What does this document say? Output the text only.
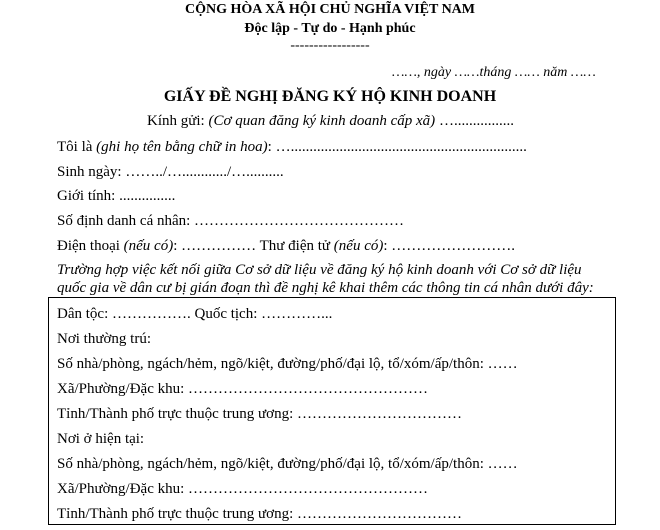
CỘNG HÒA XÃ HỘI CHỦ NGHĨA VIỆT NAM
Độc lập - Tự do - Hạnh phúc
-----------------
……, ngày ……tháng …… năm ……
GIẤY ĐỀ NGHỊ ĐĂNG KÝ HỘ KINH DOANH
Kính gửi: (Cơ quan đăng ký kinh doanh cấp xã) …................
Tôi là (ghi họ tên bằng chữ in hoa): …...............................................................
Sinh ngày: ……../…............/…..........
Giới tính: ...............
Số định danh cá nhân: ……………………………………
Điện thoại (nếu có): …………… Thư điện tử (nếu có): …………………….
Trường hợp việc kết nối giữa Cơ sở dữ liệu về đăng ký hộ kinh doanh với Cơ sở dữ liệu
quốc gia về dân cư bị gián đoạn thì đề nghị kê khai thêm các thông tin cá nhân dưới đây:
Dân tộc: ……………. Quốc tịch: …………...
Nơi thường trú:
Số nhà/phòng, ngách/hẻm, ngõ/kiệt, đường/phố/đại lộ, tổ/xóm/ấp/thôn: ……
Xã/Phường/Đặc khu: …………………………………………
Tỉnh/Thành phố trực thuộc trung ương: ……………………………
Nơi ở hiện tại:
Số nhà/phòng, ngách/hẻm, ngõ/kiệt, đường/phố/đại lộ, tổ/xóm/ấp/thôn: ……
Xã/Phường/Đặc khu: …………………………………………
Tỉnh/Thành phố trực thuộc trung ương: ……………………………
